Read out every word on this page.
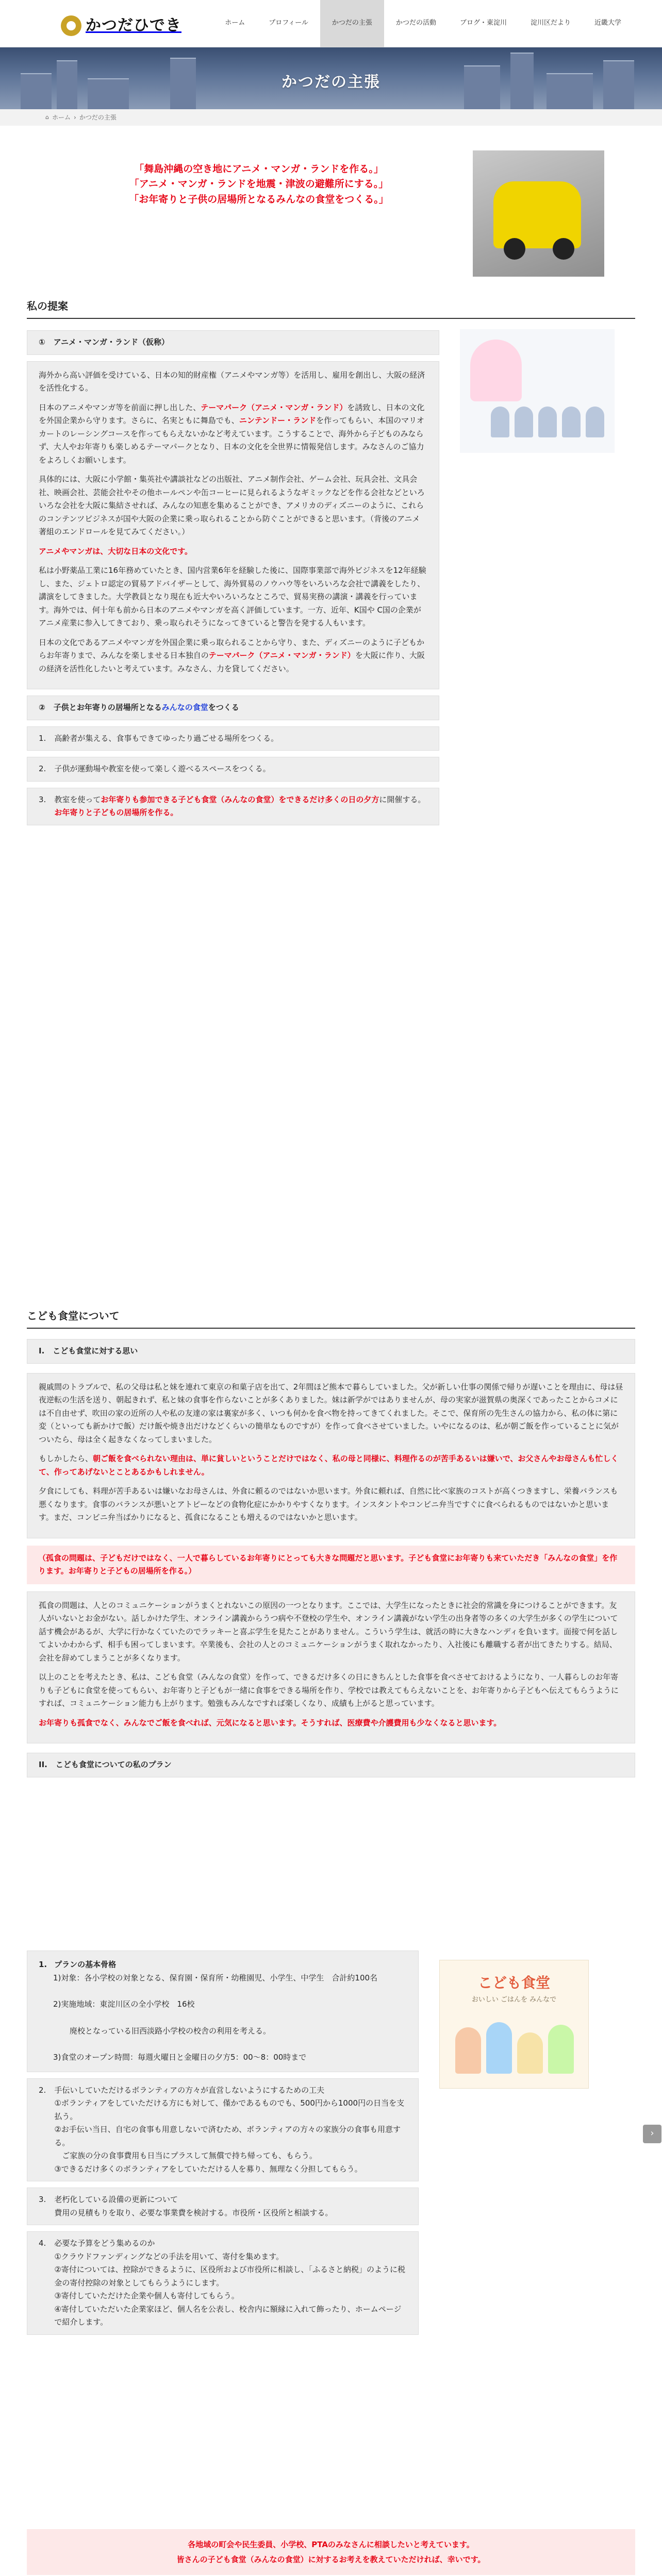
かつだひでき	ホーム	プロフィール	かつだの主張	かつだの活動	ブログ・東淀川	淀川区だより	近畿大学
かつだの主張
⌂ ホーム › かつだの主張
「舞島沖縄の空き地にアニメ・マンガ・ランドを作る。」
「アニメ・マンガ・ランドを地震・津波の避難所にする。」
「お年寄りと子供の居場所となるみんなの食堂をつくる。」
私の提案
① アニメ・マンガ・ランド（仮称）

海外から高い評価を受けている、日本の知的財産権（アニメやマンガ等）を活用し、雇用を創出し、大阪の経済を活性化する。

日本のアニメやマンガ等を前面に押し出した、テーマパーク（アニメ・マンガ・ランド）を誘致し、日本の文化を外国企業から守ります。さらに、名実ともに舞島でも、ニンテンドー・ランドを作ってもらい、本国のマリオカートのレーシングコースを作ってもらえないかなど考えています。こうすることで、海外から子どものみならず、大人やお年寄りも楽しめるテーマパークとなり、日本の文化を全世界に情報発信します。みなさんのご協力をよろしくお願いします。

具体的には、大阪に小学館・集英社や講談社などの出版社、アニメ制作会社、ゲーム会社、玩具会社、文具会社、映画会社、芸能会社やその他ホールペンや缶コーヒーに見られるようなギミックなどを作る会社などといろいろな会社を大阪に集結させれば、みんなの知恵を集めることができ、アメリカのディズニーのように、これらのコンテンツビジネスが国や大阪の企業に乗っ取られることから防ぐことができると思います。（背後のアニメ著組のエンドロールを見てみてください。）

アニメやマンガは、大切な日本の文化です。

私は小野薬品工業に16年務めていたとき、国内営業6年を経験した後に、国際事業部で海外ビジネスを12年経験し、また、ジェトロ認定の貿易アドバイザーとして、海外貿易のノウハウ等をいろいろな会社で講義をしたり、講演をしてきました。大学教員となり現在も近大やいろいろなところで、貿易実務の講演・講義を行っています。海外では、何十年も前から日本のアニメやマンガを高く評価しています。一方、近年、K国や C国の企業がアニメ産業に参入してきており、乗っ取られそうになってきていると警告を発する人もいます。

日本の文化であるアニメやマンガを外国企業に乗っ取られることから守り、また、ディズニーのように子どもからお年寄りまで、みんなを楽しませる日本独自のテーマパーク（アニメ・マンガ・ランド）を大阪に作り、大阪の経済を活性化したいと考えています。みなさん、力を貸してください。

② 子供とお年寄りの居場所となるみんなの食堂をつくる
1. 高齢者が集える、食事もできてゆったり過ごせる場所をつくる。
2. 子供が運動場や教室を使って楽しく遊べるスペースをつくる。
3. 教室を使ってお年寄りも参加できる子ども食堂（みんなの食堂）をできるだけ多くの日の夕方に開催する。お年寄りと子どもの居場所を作る。
こども食堂について
I. こども食堂に対する思い

親戚間のトラブルで、私の父母は私と妹を連れて東京の和菓子店を出て、2年間ほど熊本で暮らしていました。父が新しい仕事の関係で帰りが遅いことを理由に、母は昼夜逆転の生活を送り、朝起きれず、私と妹の食事を作らないことが多くありました。妹は新学がではありませんが、母の実家が滋賀県の奥深くであったことからコメには不自由せず、吹田の家の近所の人や私の友達の家は裏家が多く、いつも何かを食べ物を持ってきてくれました。そこで、保育所の先生さんの協力から、私の体に第に変（といっても新かけで飯）だけ飯や焼き出だけなどくらいの簡単なものですが）を作って食べさせていました。いやになるのは、私が朝ご飯を作っていることに気がついたら、母は全く起きなくなってしまいました。

もしかしたら、朝ご飯を食べられない理由は、単に貧しいということだけではなく、私の母と同様に、料理作るのが苦手あるいは嫌いで、お父さんやお母さんも忙しくて、作ってあげないとことあるかもしれません。

夕食にしても、料理が苦手あるいは嫌いなお母さんは、外食に頼るのではないか思います。外食に頼れば、自然に比べ家族のコストが高くつきますし、栄養バランスも悪くなります。食事のバランスが悪いとアトピーなどの食物化症にかかりやすくなります。インスタントやコンビニ弁当ですぐに食べられるものではないかと思います。まだ、コンビニ弁当ばかりになると、孤食になることも増えるのではないかと思います。

（孤食の問題は、子どもだけではなく、一人で暮らしているお年寄りにとっても大きな問題だと思います。子ども食堂にお年寄りも来ていただき「みんなの食堂」を作ります。お年寄りと子どもの居場所を作る。）

孤食の問題は、人とのコミュニケーションがうまくとれないこの原因の一つとなります。ここでは、大学生になったときに社会的常識を身につけることができます。友人がいないとお金がない。話しかけた学生、オンライン講義からうつ病や不登校の学生や、オンライン講義がない学生の出身者等の多くの大学生が多くの学生について話す機会があるが、大学に行かなくていたのでラッキーと喜ぶ学生を見たことがありません。こういう学生は、就活の時に大きなハンディを負います。面接で何を話してよいかわからず、相手も困ってしまいます。卒業後も、会社の人とのコミュニケーションがうまく取れなかったり、入社後にも離職する者が出てきたりする。結局、会社を辞めてしまうことが多くなります。

以上のことを考えたとき、私は、こども食堂（みんなの食堂）を作って、できるだけ多くの日にきちんとした食事を食べさせておけるようになり、一人暮らしのお年寄りも子どもに食堂を使ってもらい、お年寄りと子どもが一緒に食事をできる場所を作り、学校では教えてもらえないことを、お年寄りから子どもへ伝えてもらうようにすれば、コミュニケーション能力も上がります。勉強もみんなですれば楽しくなり、成績も上がると思っています。

お年寄りも孤食でなく、みんなでご飯を食べれば、元気になると思います。そうすれば、医療費や介護費用も少なくなると思います。

II. こども食堂についての私のプラン
1. プランの基本骨格
1)対象：各小学校の対象となる、保育園・保育所・幼稚園児、小学生、中学生　合計約100名
2)実施地域：東淀川区の全小学校　16校
廃校となっている旧西淡路小学校の校舎の利用を考える。
3)食堂のオープン時間：毎週火曜日と金曜日の夕方5：00〜8：00時まで
2. 手伝いしていただけるボランティアの方々が直営しないようにするための工夫
①ボランティアをしていただける方にも対して、僅かであるものでも、500円から1000円の日当を支払う。
②お手伝い当日、自宅の食事も用意しないで済むため、ボランティアの方々の家族分の食事も用意する。
　ご家族の分の食事費用も日当にプラスして無償で持ち帰っても、もらう。
③できるだけ多くのボランティアをしていただける人を募り、無理なく分担してもらう。
3. 老朽化している設備の更新について
費用の見積もりを取り、必要な事業費を検討する。市役所・区役所と相談する。
4. 必要な予算をどう集めるのか
①クラウドファンディングなどの手法を用いて、寄付を集めます。
②寄付については、控除ができるように、区役所および市役所に相談し、「ふるさと納税」のように税金の寄付控除の対象としてもらうようにします。
③寄付していただけた企業や個人も寄付してもらう。
④寄付していただいた企業家ほど、個人名を公表し、校舎内に額縁に入れて飾ったり、ホームページで紹介します。
こども食堂
おいしい ごはんを みんなで
›
各地域の町会や民生委員、小学校、PTAのみなさんに相談したいと考えています。
皆さんの子ども食堂（みんなの食堂）に対するお考えを教えていただければ、幸いです。
